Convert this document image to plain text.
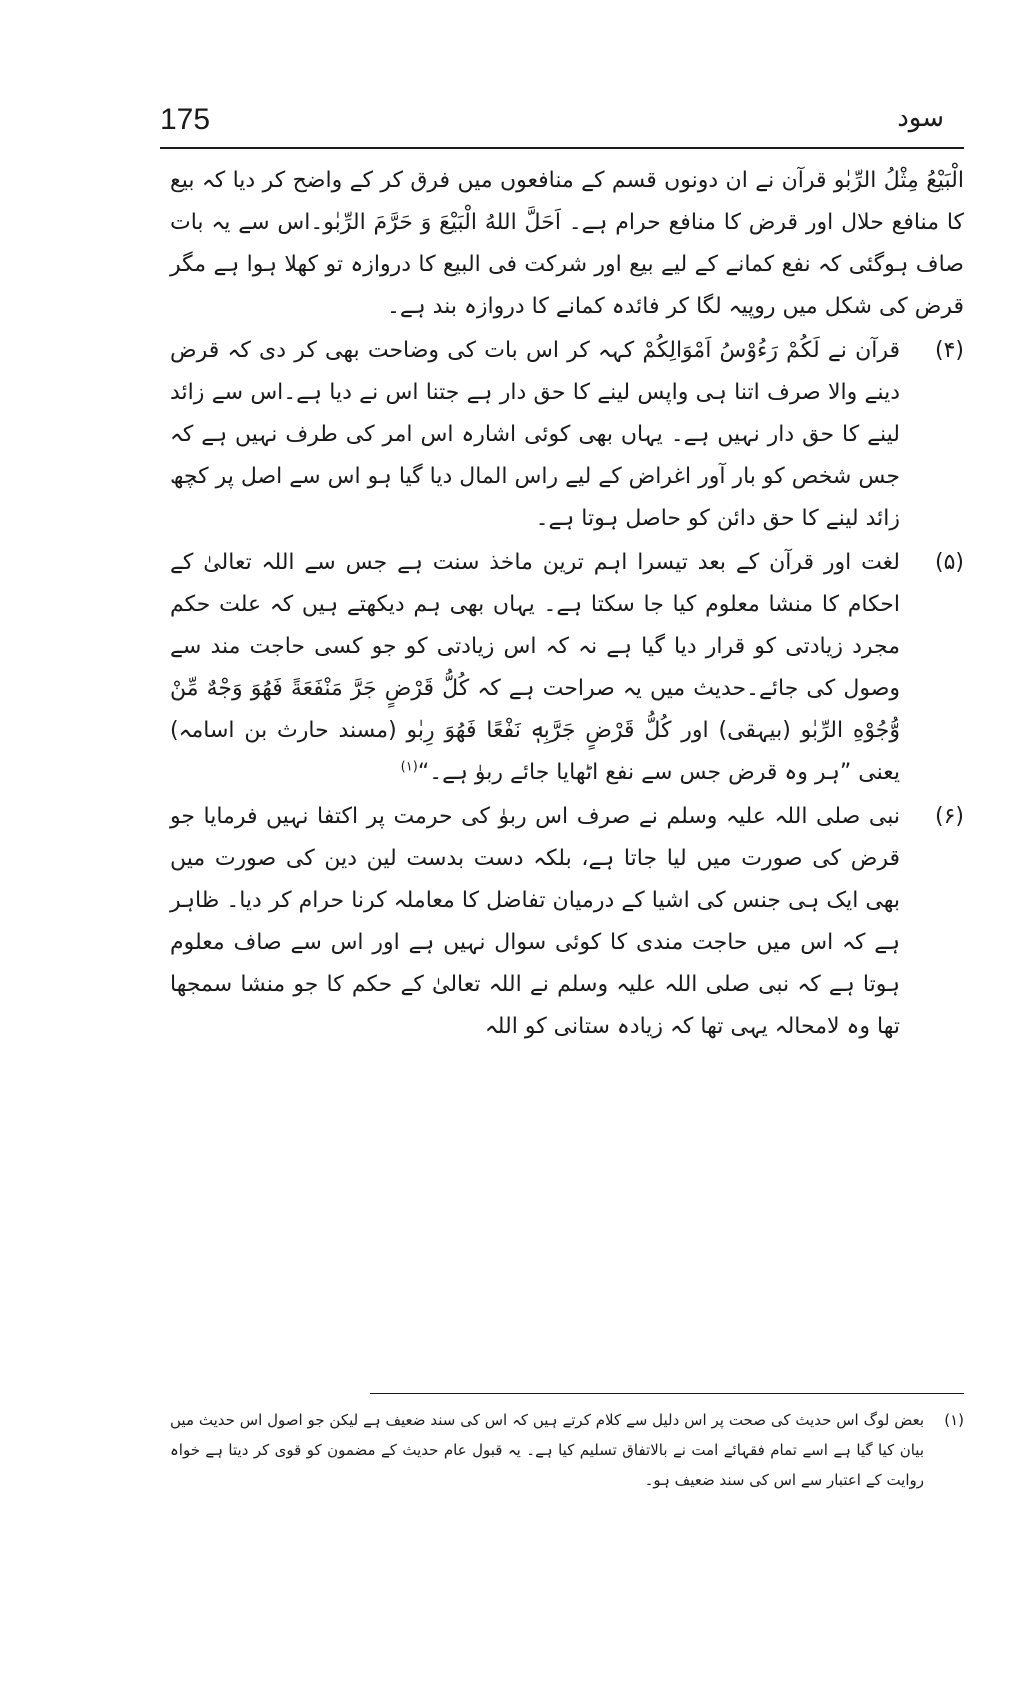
175	سود

الْبَيْعُ مِثْلُ الرِّبٰو قرآن نے ان دونوں قسم کے منافعوں میں فرق کر کے واضح کر دیا کہ بیع کا منافع حلال اور قرض کا منافع حرام ہے۔ اَحَلَّ اللهُ الْبَيْعَ وَ حَرَّمَ الرِّبٰو۔اس سے یہ بات صاف ہوگئی کہ نفع کمانے کے لیے بیع اور شرکت فی البیع کا دروازہ تو کھلا ہوا ہے مگر قرض کی شکل میں روپیہ لگا کر فائدہ کمانے کا دروازہ بند ہے۔

(۴)
قرآن نے لَكُمْ رَءُوْسُ اَمْوَالِكُمْ کہہ کر اس بات کی وضاحت بھی کر دی کہ قرض دینے والا صرف اتنا ہی واپس لینے کا حق دار ہے جتنا اس نے دیا ہے۔اس سے زائد لینے کا حق دار نہیں ہے۔ یہاں بھی کوئی اشارہ اس امر کی طرف نہیں ہے کہ جس شخص کو بار آور اغراض کے لیے راس المال دیا گیا ہو اس سے اصل پر کچھ زائد لینے کا حق دائن کو حاصل ہوتا ہے۔
(۵)
لغت اور قرآن کے بعد تیسرا اہم ترین ماخذ سنت ہے جس سے اللہ تعالیٰ کے احکام کا منشا معلوم کیا جا سکتا ہے۔ یہاں بھی ہم دیکھتے ہیں کہ علت حکم مجرد زیادتی کو قرار دیا گیا ہے نہ کہ اس زیادتی کو جو کسی حاجت مند سے وصول کی جائے۔حدیث میں یہ صراحت ہے کہ كُلُّ قَرْضٍ جَرَّ مَنْفَعَةً فَهُوَ وَجْهٌ مِّنْ وُّجُوْهِ الرِّبٰو (بیہقی) اور كُلُّ قَرْضٍ جَرَّبِهٖ نَفْعًا فَهُوَ رِبٰو (مسند حارث بن اسامہ) یعنی ”ہر وہ قرض جس سے نفع اٹھایا جائے ربوٰ ہے۔“$^{(۱)}$
(۶)
نبی صلی اللہ علیہ وسلم نے صرف اس ربوٰ کی حرمت پر اکتفا نہیں فرمایا جو قرض کی صورت میں لیا جاتا ہے، بلکہ دست بدست لین دین کی صورت میں بھی ایک ہی جنس کی اشیا کے درمیان تفاضل کا معاملہ کرنا حرام کر دیا۔ ظاہر ہے کہ اس میں حاجت مندی کا کوئی سوال نہیں ہے اور اس سے صاف معلوم ہوتا ہے کہ نبی صلی اللہ علیہ وسلم نے اللہ تعالیٰ کے حکم کا جو منشا سمجھا تھا وہ لامحالہ یہی تھا کہ زیادہ ستانی کو اللہ
(۱)
بعض لوگ اس حدیث کی صحت پر اس دلیل سے کلام کرتے ہیں کہ اس کی سند ضعیف ہے لیکن جو اصول اس حدیث میں بیان کیا گیا ہے اسے تمام فقہائے امت نے بالاتفاق تسلیم کیا ہے۔ یہ قبول عام حدیث کے مضمون کو قوی کر دیتا ہے خواہ روایت کے اعتبار سے اس کی سند ضعیف ہو۔
